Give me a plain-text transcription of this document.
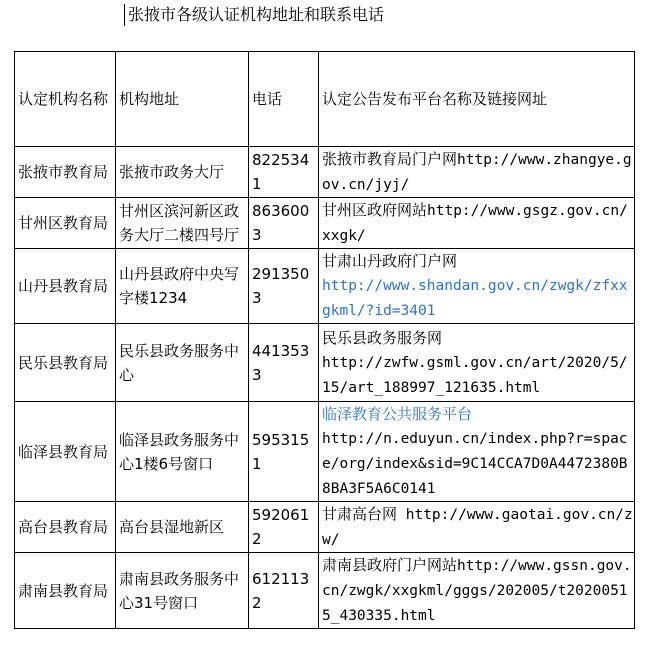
张掖市各级认证机构地址和联系电话
认定机构名称	机构地址	电话	认定公告发布平台名称及链接网址
张掖市教育局	张掖市政务大厅	8225341	张掖市教育局门户网http://www.zhangye.gov.cn/jyj/
甘州区教育局	甘州区滨河新区政务大厅二楼四号厅	8636003	甘州区政府网站http://www.gsgz.gov.cn/xxgk/
山丹县教育局	山丹县政府中央写字楼1234	2913503	甘肃山丹政府门户网
http://www.shandan.gov.cn/zwgk/zfxxgkml/?id=3401

民乐县教育局	民乐县政务服务中心	4413533	民乐县政务服务网
http://zwfw.gsml.gov.cn/art/2020/5/15/art_188997_121635.html

临泽县教育局	临泽县政务服务中心1楼6号窗口	5953151	临泽教育公共服务平台
http://n.eduyun.cn/index.php?r=space/org/index&sid=9C14CCA7D0A4472380B8BA3F5A6C0141

高台县教育局	高台县湿地新区	5920612	甘肃高台网 http://www.gaotai.gov.cn/zw/
肃南县教育局	肃南县政务服务中心31号窗口	6121132	肃南县政府门户网站http://www.gssn.gov.cn/zwgk/xxgkml/gggs/202005/t20200515_430335.html
